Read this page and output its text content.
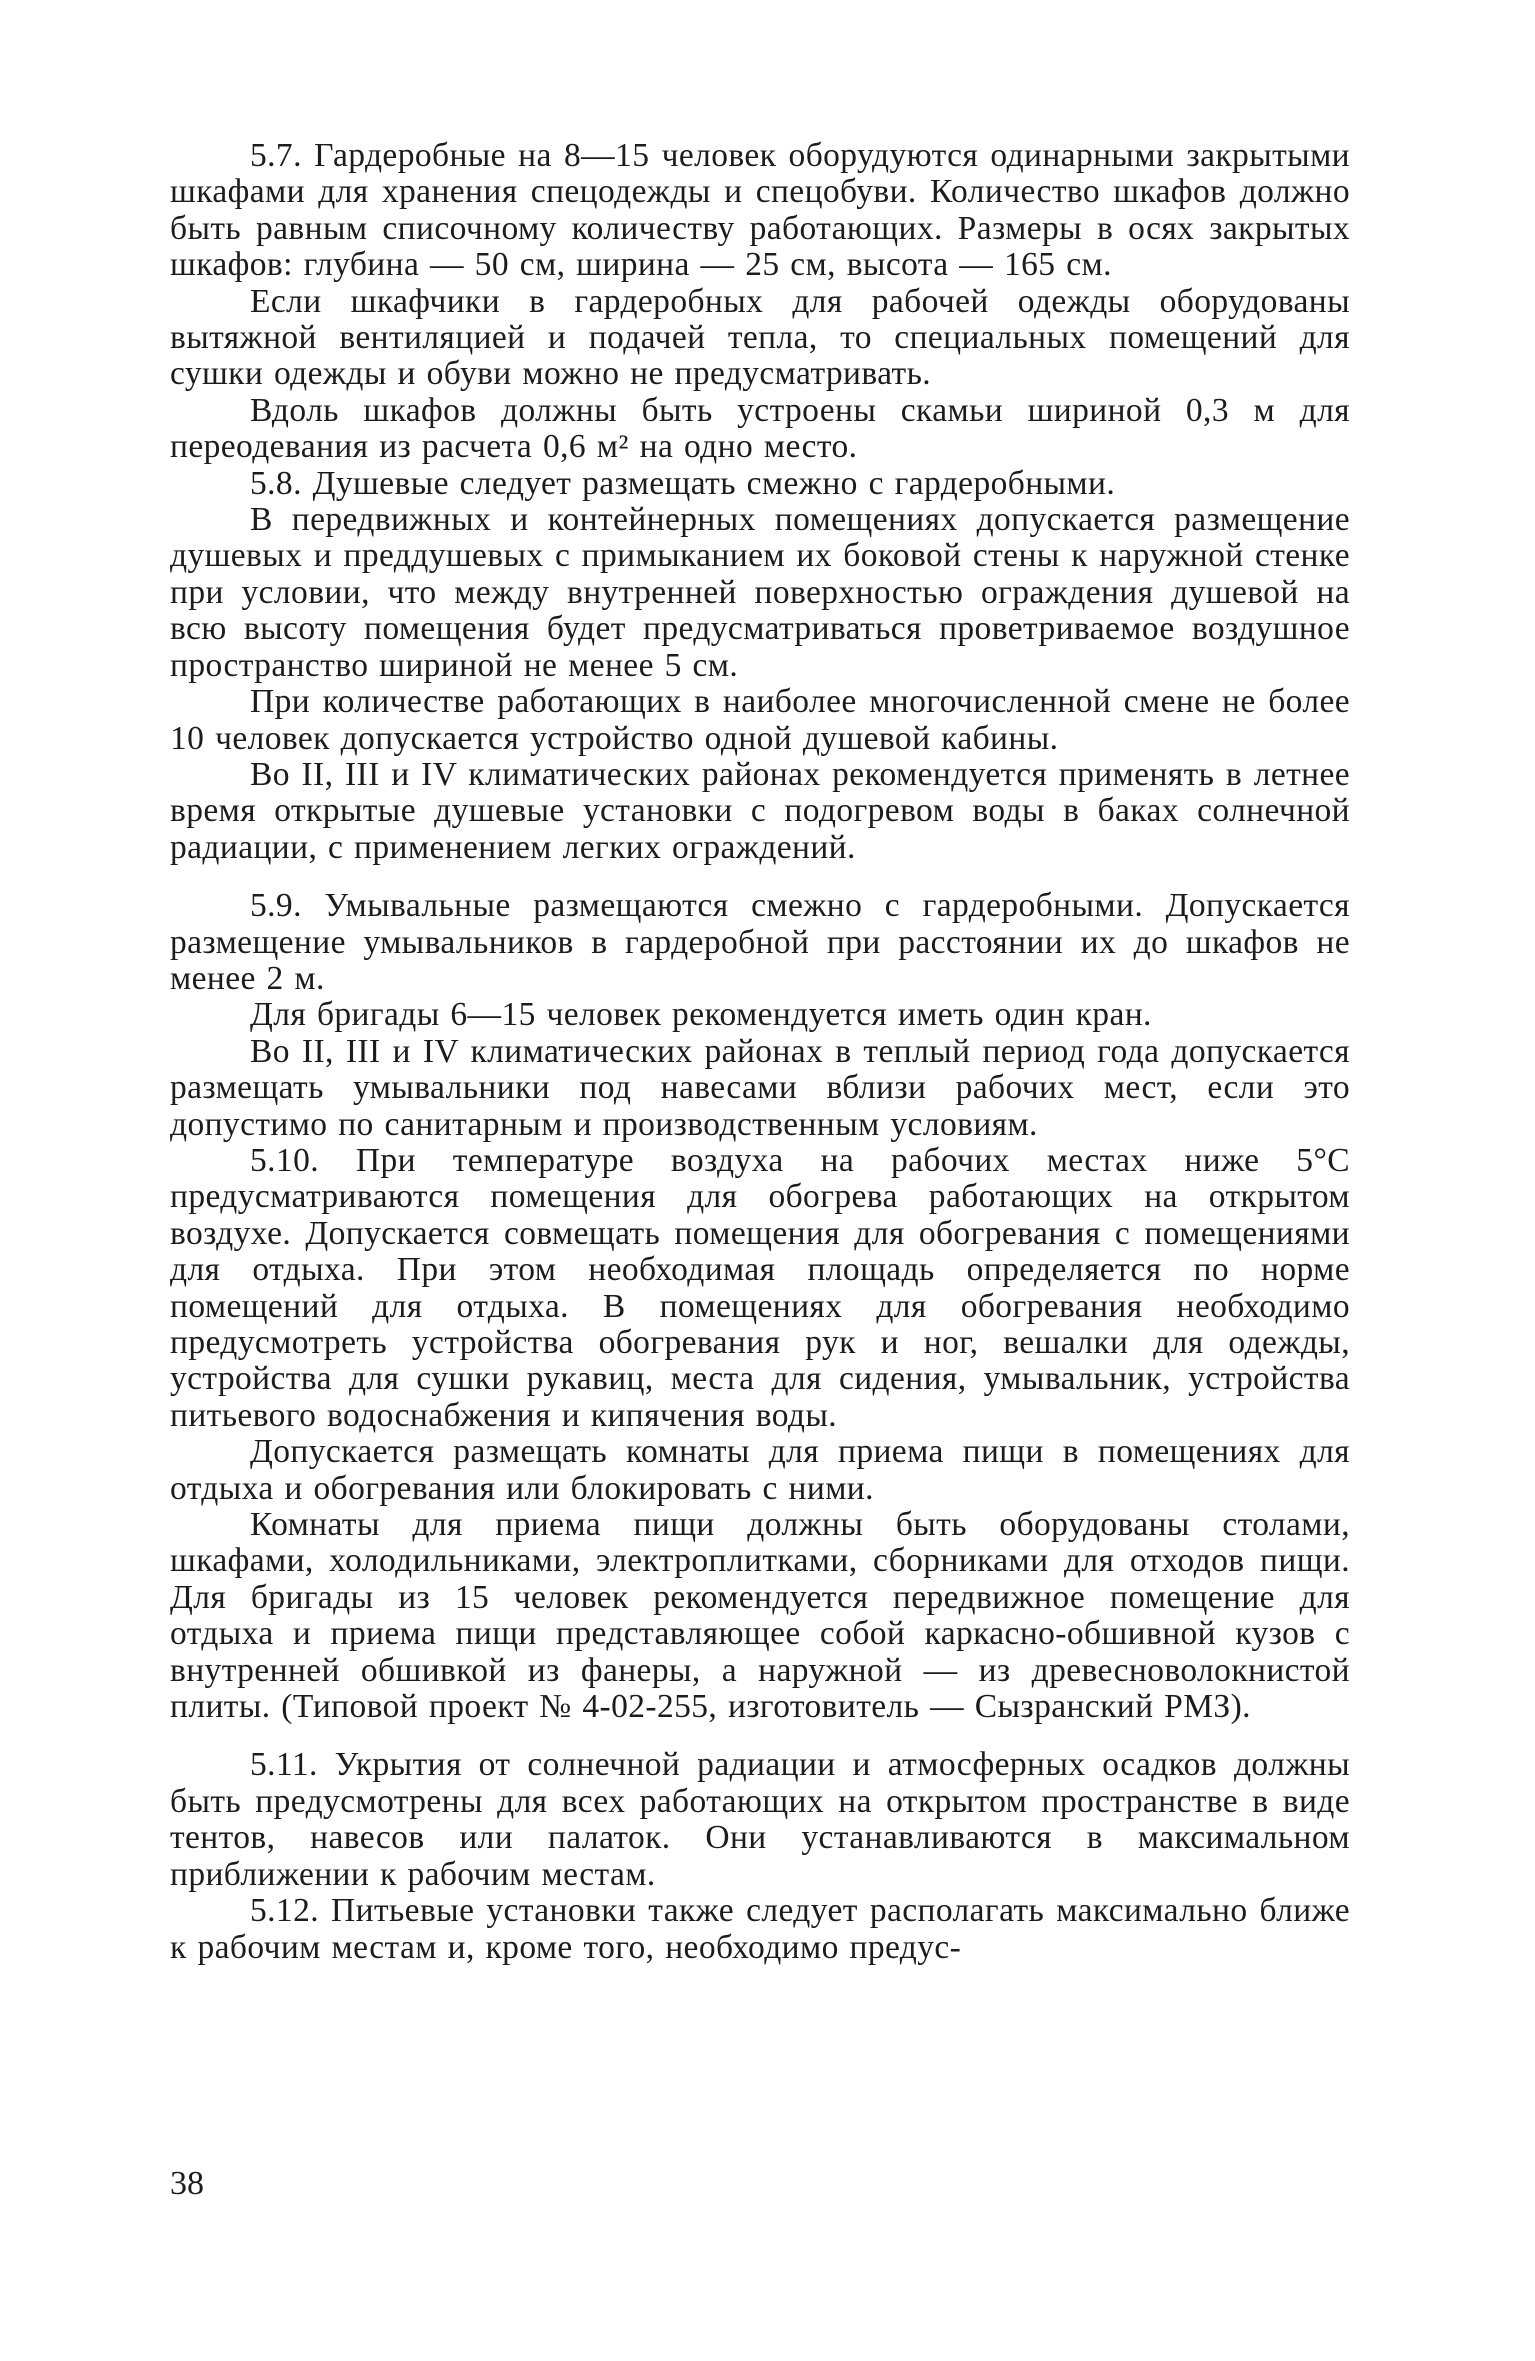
5.7. Гардеробные на 8—15 человек оборудуются одинарными закрытыми шкафами для хранения спецодежды и спецобуви. Количество шкафов должно быть равным списочному количеству работающих. Размеры в осях закрытых шкафов: глубина — 50 см, ширина — 25 см, высота — 165 см.

Если шкафчики в гардеробных для рабочей одежды оборудованы вытяжной вентиляцией и подачей тепла, то специальных помещений для сушки одежды и обуви можно не предусматривать.

Вдоль шкафов должны быть устроены скамьи шириной 0,3 м для переодевания из расчета 0,6 м² на одно место.

5.8. Душевые следует размещать смежно с гардеробными.

В передвижных и контейнерных помещениях допускается размещение душевых и преддушевых с примыканием их боковой стены к наружной стенке при условии, что между внутренней поверхностью ограждения душевой на всю высоту помещения будет предусматриваться проветриваемое воздушное пространство шириной не менее 5 см.

При количестве работающих в наиболее многочисленной смене не более 10 человек допускается устройство одной душевой кабины.

Во II, III и IV климатических районах рекомендуется применять в летнее время открытые душевые установки с подогревом воды в баках солнечной радиации, с применением легких ограждений.

5.9. Умывальные размещаются смежно с гардеробными. Допускается размещение умывальников в гардеробной при расстоянии их до шкафов не менее 2 м.

Для бригады 6—15 человек рекомендуется иметь один кран.

Во II, III и IV климатических районах в теплый период года допускается размещать умывальники под навесами вблизи рабочих мест, если это допустимо по санитарным и производственным условиям.

5.10. При температуре воздуха на рабочих местах ниже 5°С предусматриваются помещения для обогрева работающих на открытом воздухе. Допускается совмещать помещения для обогревания с помещениями для отдыха. При этом необходимая площадь определяется по норме помещений для отдыха. В помещениях для обогревания необходимо предусмотреть устройства обогревания рук и ног, вешалки для одежды, устройства для сушки рукавиц, места для сидения, умывальник, устройства питьевого водоснабжения и кипячения воды.

Допускается размещать комнаты для приема пищи в помещениях для отдыха и обогревания или блокировать с ними.

Комнаты для приема пищи должны быть оборудованы столами, шкафами, холодильниками, электроплитками, сборниками для отходов пищи. Для бригады из 15 человек рекомендуется передвижное помещение для отдыха и приема пищи представляющее собой каркасно-обшивной кузов с внутренней обшивкой из фанеры, а наружной — из древесноволокнистой плиты. (Типовой проект № 4-02-255, изготовитель — Сызранский РМЗ).

5.11. Укрытия от солнечной радиации и атмосферных осадков должны быть предусмотрены для всех работающих на открытом пространстве в виде тентов, навесов или палаток. Они устанавливаются в максимальном приближении к рабочим местам.

5.12. Питьевые установки также следует располагать максимально ближе к рабочим местам и, кроме того, необходимо предус-

38
